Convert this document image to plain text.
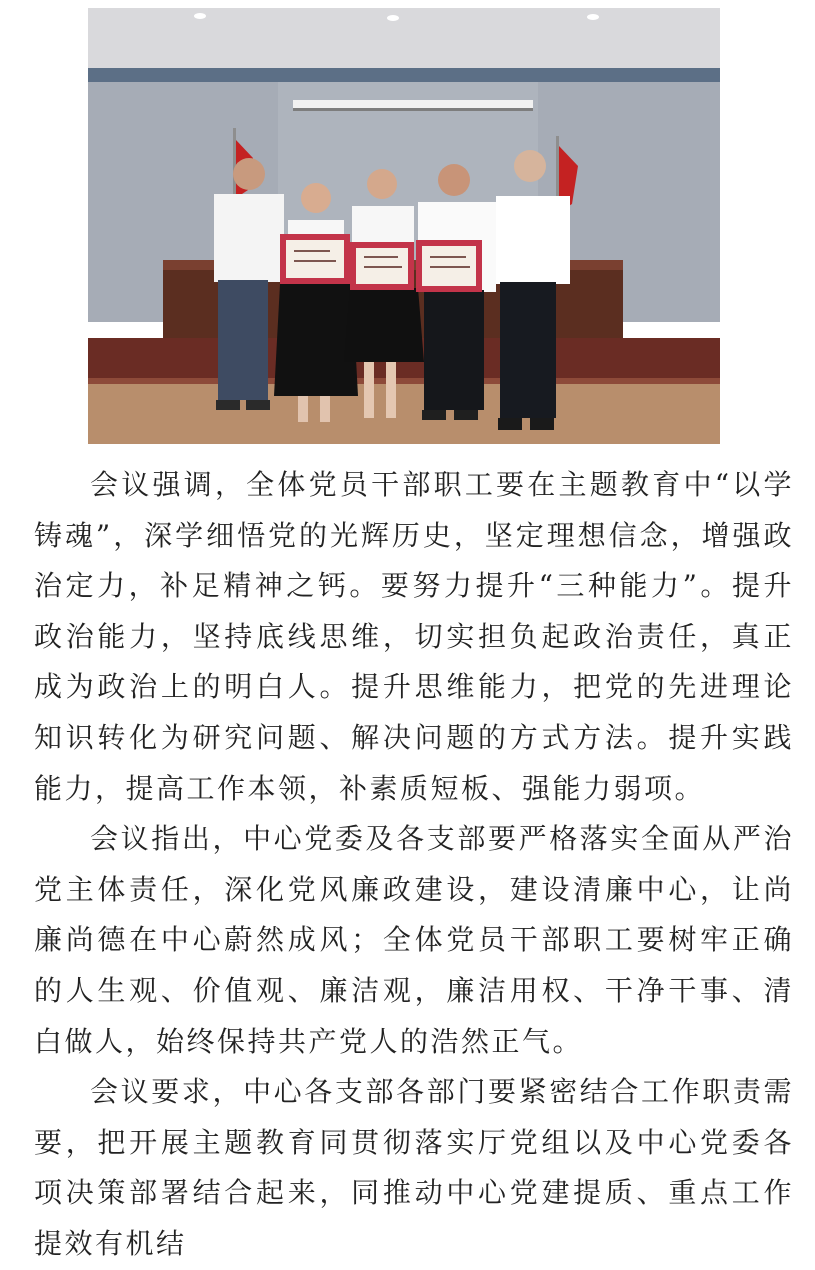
会议强调，全体党员干部职工要在主题教育中“以学铸魂”，深学细悟党的光辉历史，坚定理想信念，增强政治定力，补足精神之钙。要努力提升“三种能力”。提升政治能力，坚持底线思维，切实担负起政治责任，真正成为政治上的明白人。提升思维能力，把党的先进理论知识转化为研究问题、解决问题的方式方法。提升实践能力，提高工作本领，补素质短板、强能力弱项。

会议指出，中心党委及各支部要严格落实全面从严治党主体责任，深化党风廉政建设，建设清廉中心，让尚廉尚德在中心蔚然成风；全体党员干部职工要树牢正确的人生观、价值观、廉洁观，廉洁用权、干净干事、清白做人，始终保持共产党人的浩然正气。

会议要求，中心各支部各部门要紧密结合工作职责需要，把开展主题教育同贯彻落实厅党组以及中心党委各项决策部署结合起来，同推动中心党建提质、重点工作提效有机结
